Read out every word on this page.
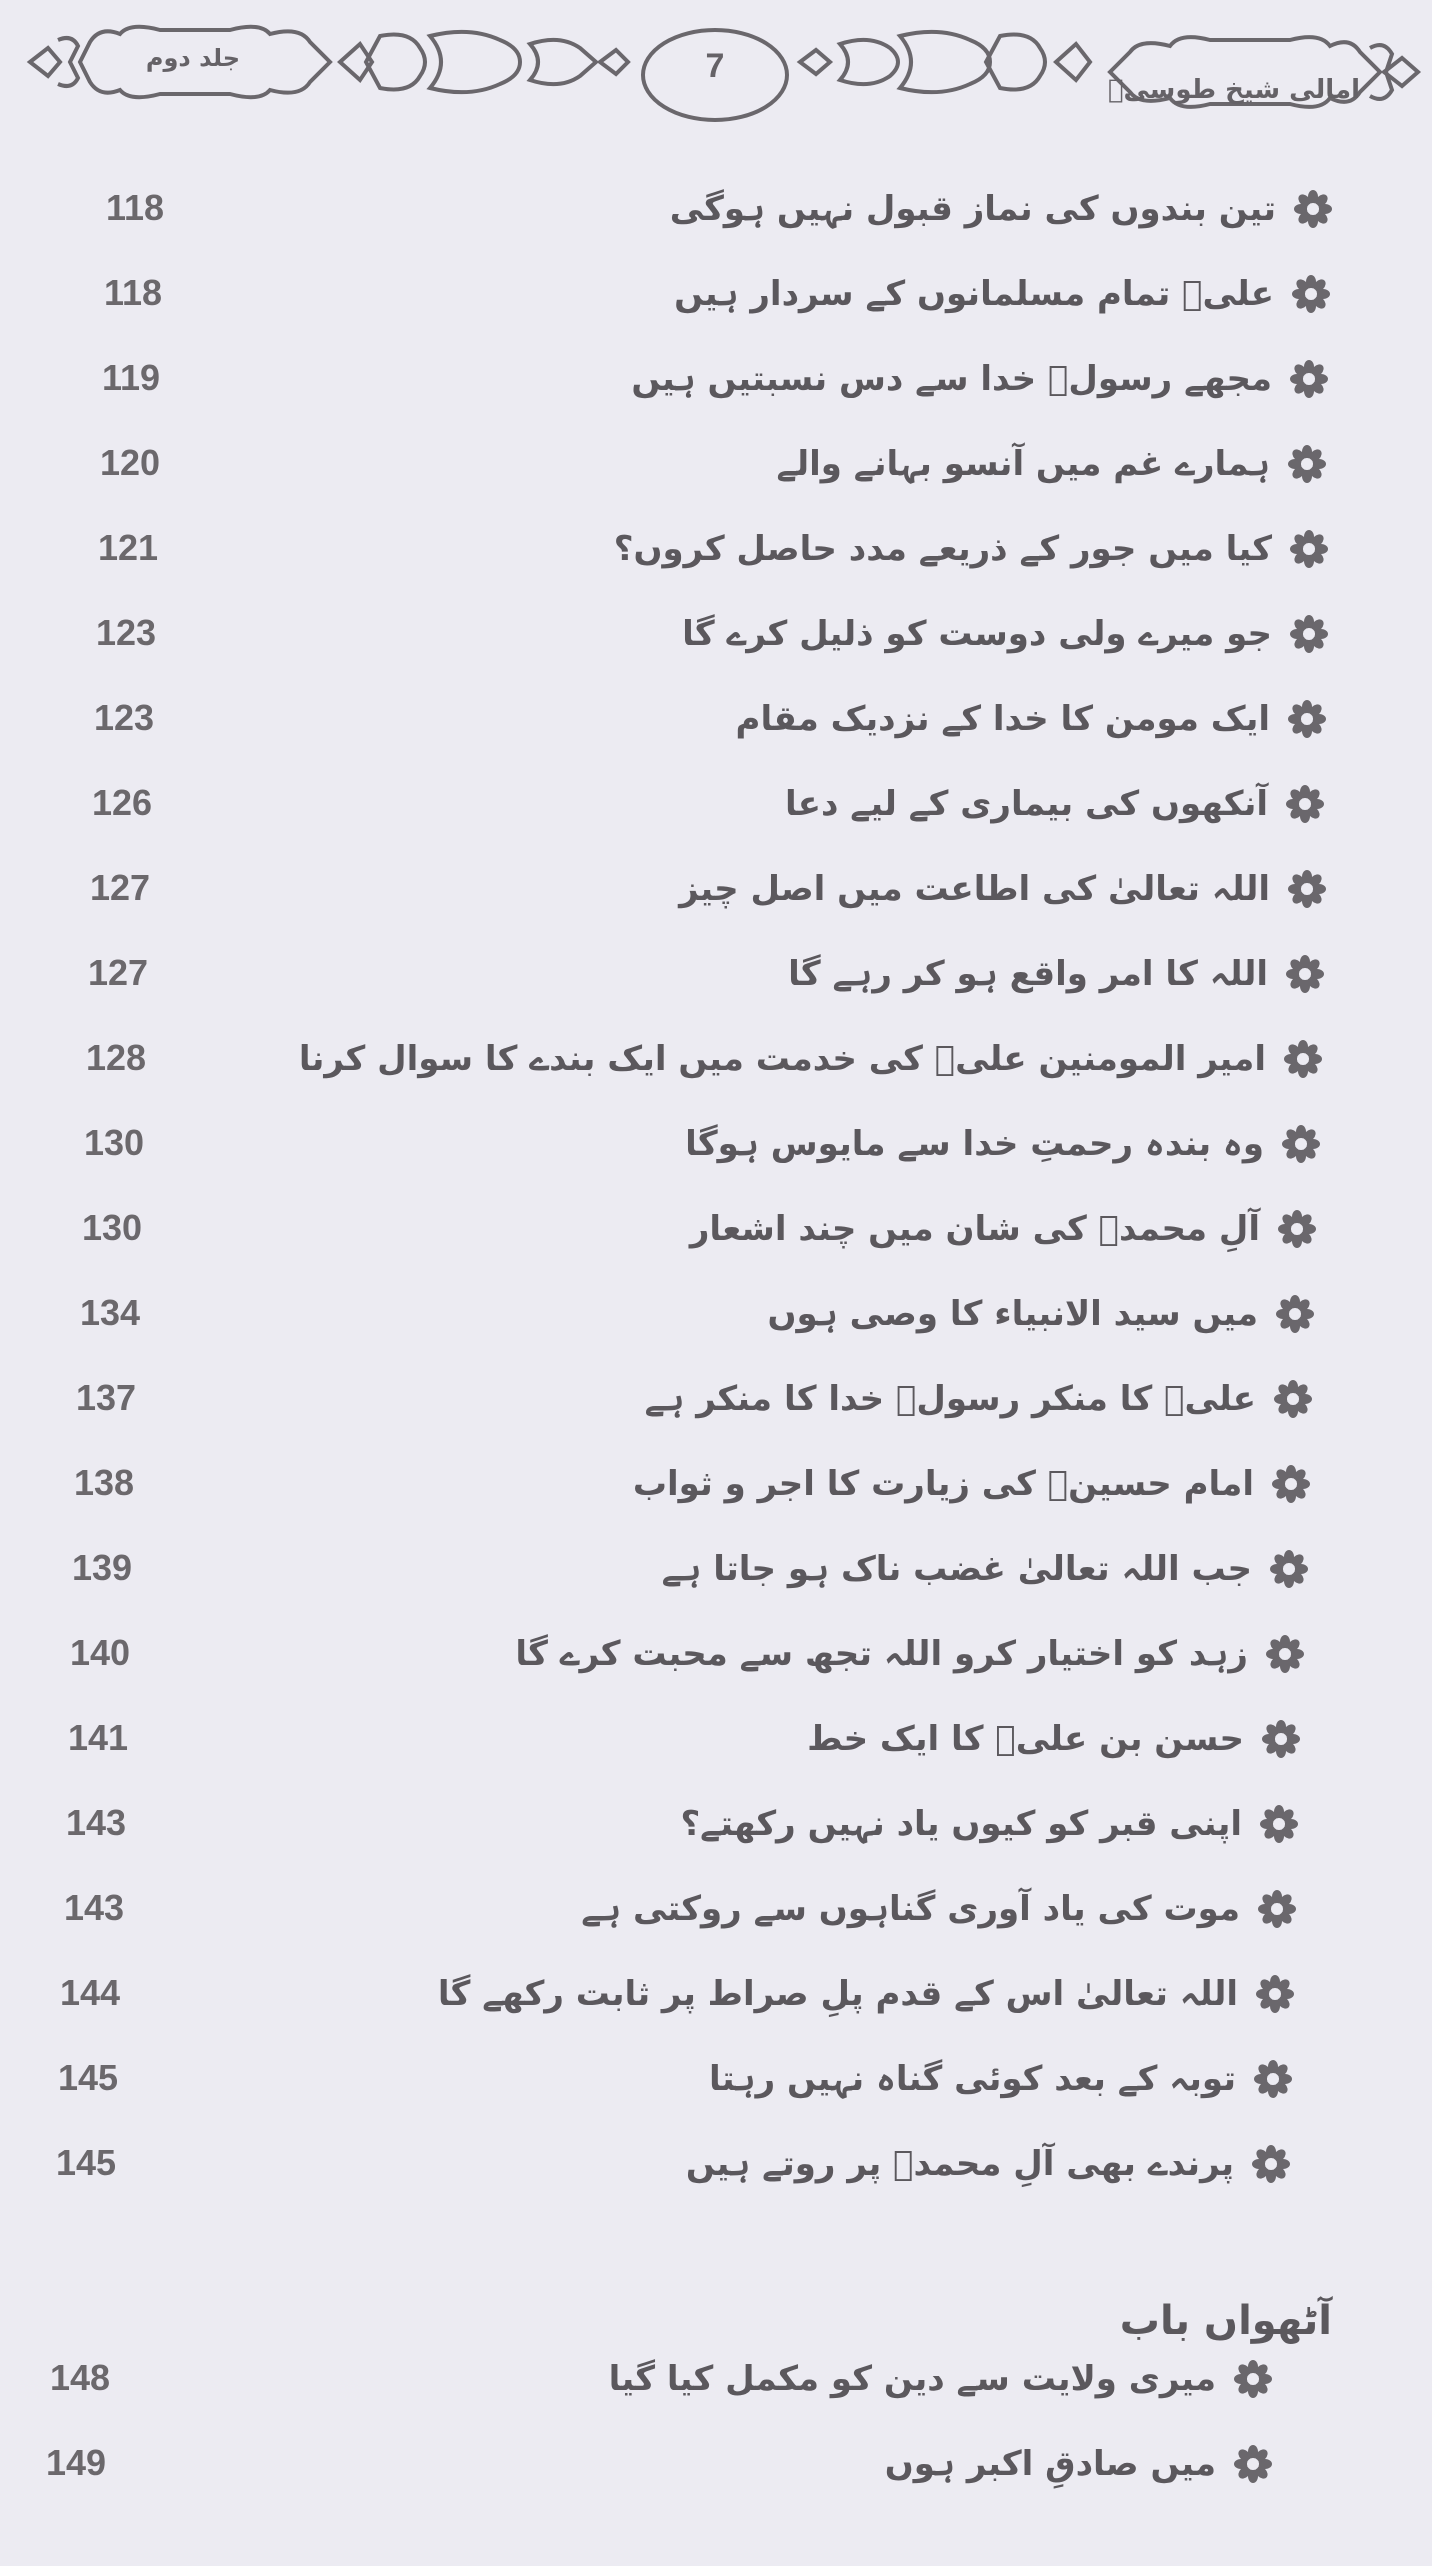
جلد دوم	7
امالی شیخ طوسیؒ
118	تین بندوں کی نماز قبول نہیں ہوگی
118	علیؑ تمام مسلمانوں کے سردار ہیں
119	مجھے رسولؐ خدا سے دس نسبتیں ہیں
120	ہمارے غم میں آنسو بہانے والے
121	کیا میں جور کے ذریعے مدد حاصل کروں؟
123	جو میرے ولی دوست کو ذلیل کرے گا
123	ایک مومن کا خدا کے نزدیک مقام
126	آنکھوں کی بیماری کے لیے دعا
127	اللہ تعالیٰ کی اطاعت میں اصل چیز
127	اللہ کا امر واقع ہو کر رہے گا
128	امیر المومنین علیؑ کی خدمت میں ایک بندے کا سوال کرنا
130	وہ بندہ رحمتِ خدا سے مایوس ہوگا
130	آلِ محمدؐ کی شان میں چند اشعار
134	میں سید الانبیاء کا وصی ہوں
137	علیؑ کا منکر رسولؐ خدا کا منکر ہے
138	امام حسینؑ کی زیارت کا اجر و ثواب
139	جب اللہ تعالیٰ غضب ناک ہو جاتا ہے
140	زہد کو اختیار کرو اللہ تجھ سے محبت کرے گا
141	حسن بن علیؑ کا ایک خط
143	اپنی قبر کو کیوں یاد نہیں رکھتے؟
143	موت کی یاد آوری گناہوں سے روکتی ہے
144	اللہ تعالیٰ اس کے قدم پلِ صراط پر ثابت رکھے گا
145	توبہ کے بعد کوئی گناہ نہیں رہتا
145	پرندے بھی آلِ محمدؐ پر روتے ہیں
آٹھواں باب
148	میری ولایت سے دین کو مکمل کیا گیا
149	میں صادقِ اکبر ہوں
